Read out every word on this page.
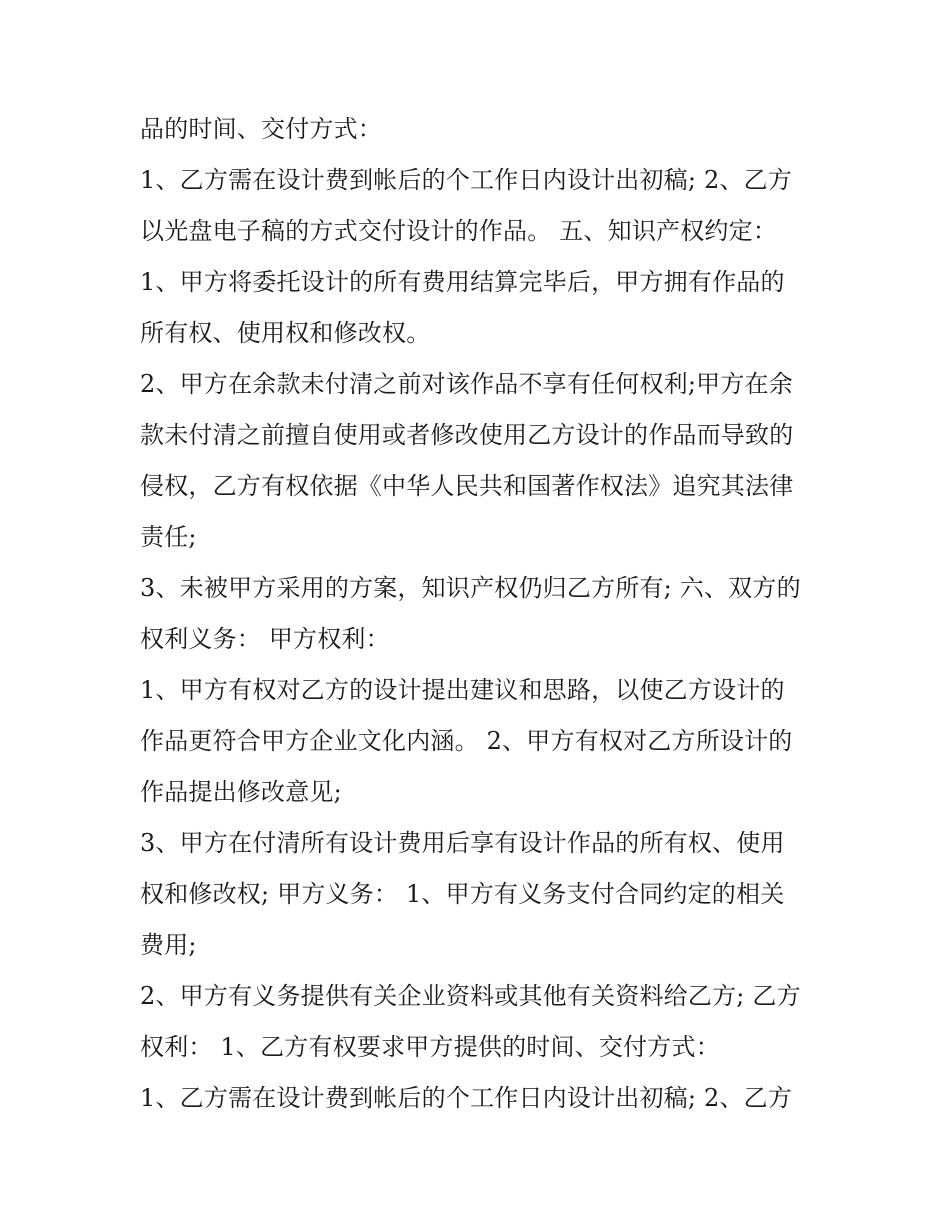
品的时间、交付方式：
1、乙方需在设计费到帐后的个工作日内设计出初稿; 2、乙方
以光盘电子稿的方式交付设计的作品。 五、知识产权约定：
1、甲方将委托设计的所有费用结算完毕后，甲方拥有作品的
所有权、使用权和修改权。
2、甲方在余款未付清之前对该作品不享有任何权利;甲方在余
款未付清之前擅自使用或者修改使用乙方设计的作品而导致的
侵权，乙方有权依据《中华人民共和国著作权法》追究其法律
责任;
3、未被甲方采用的方案，知识产权仍归乙方所有; 六、双方的
权利义务： 甲方权利：
1、甲方有权对乙方的设计提出建议和思路，以使乙方设计的
作品更符合甲方企业文化内涵。 2、甲方有权对乙方所设计的
作品提出修改意见;
3、甲方在付清所有设计费用后享有设计作品的所有权、使用
权和修改权; 甲方义务： 1、甲方有义务支付合同约定的相关
费用;
2、甲方有义务提供有关企业资料或其他有关资料给乙方; 乙方
权利： 1、乙方有权要求甲方提供的时间、交付方式：
1、乙方需在设计费到帐后的个工作日内设计出初稿; 2、乙方
